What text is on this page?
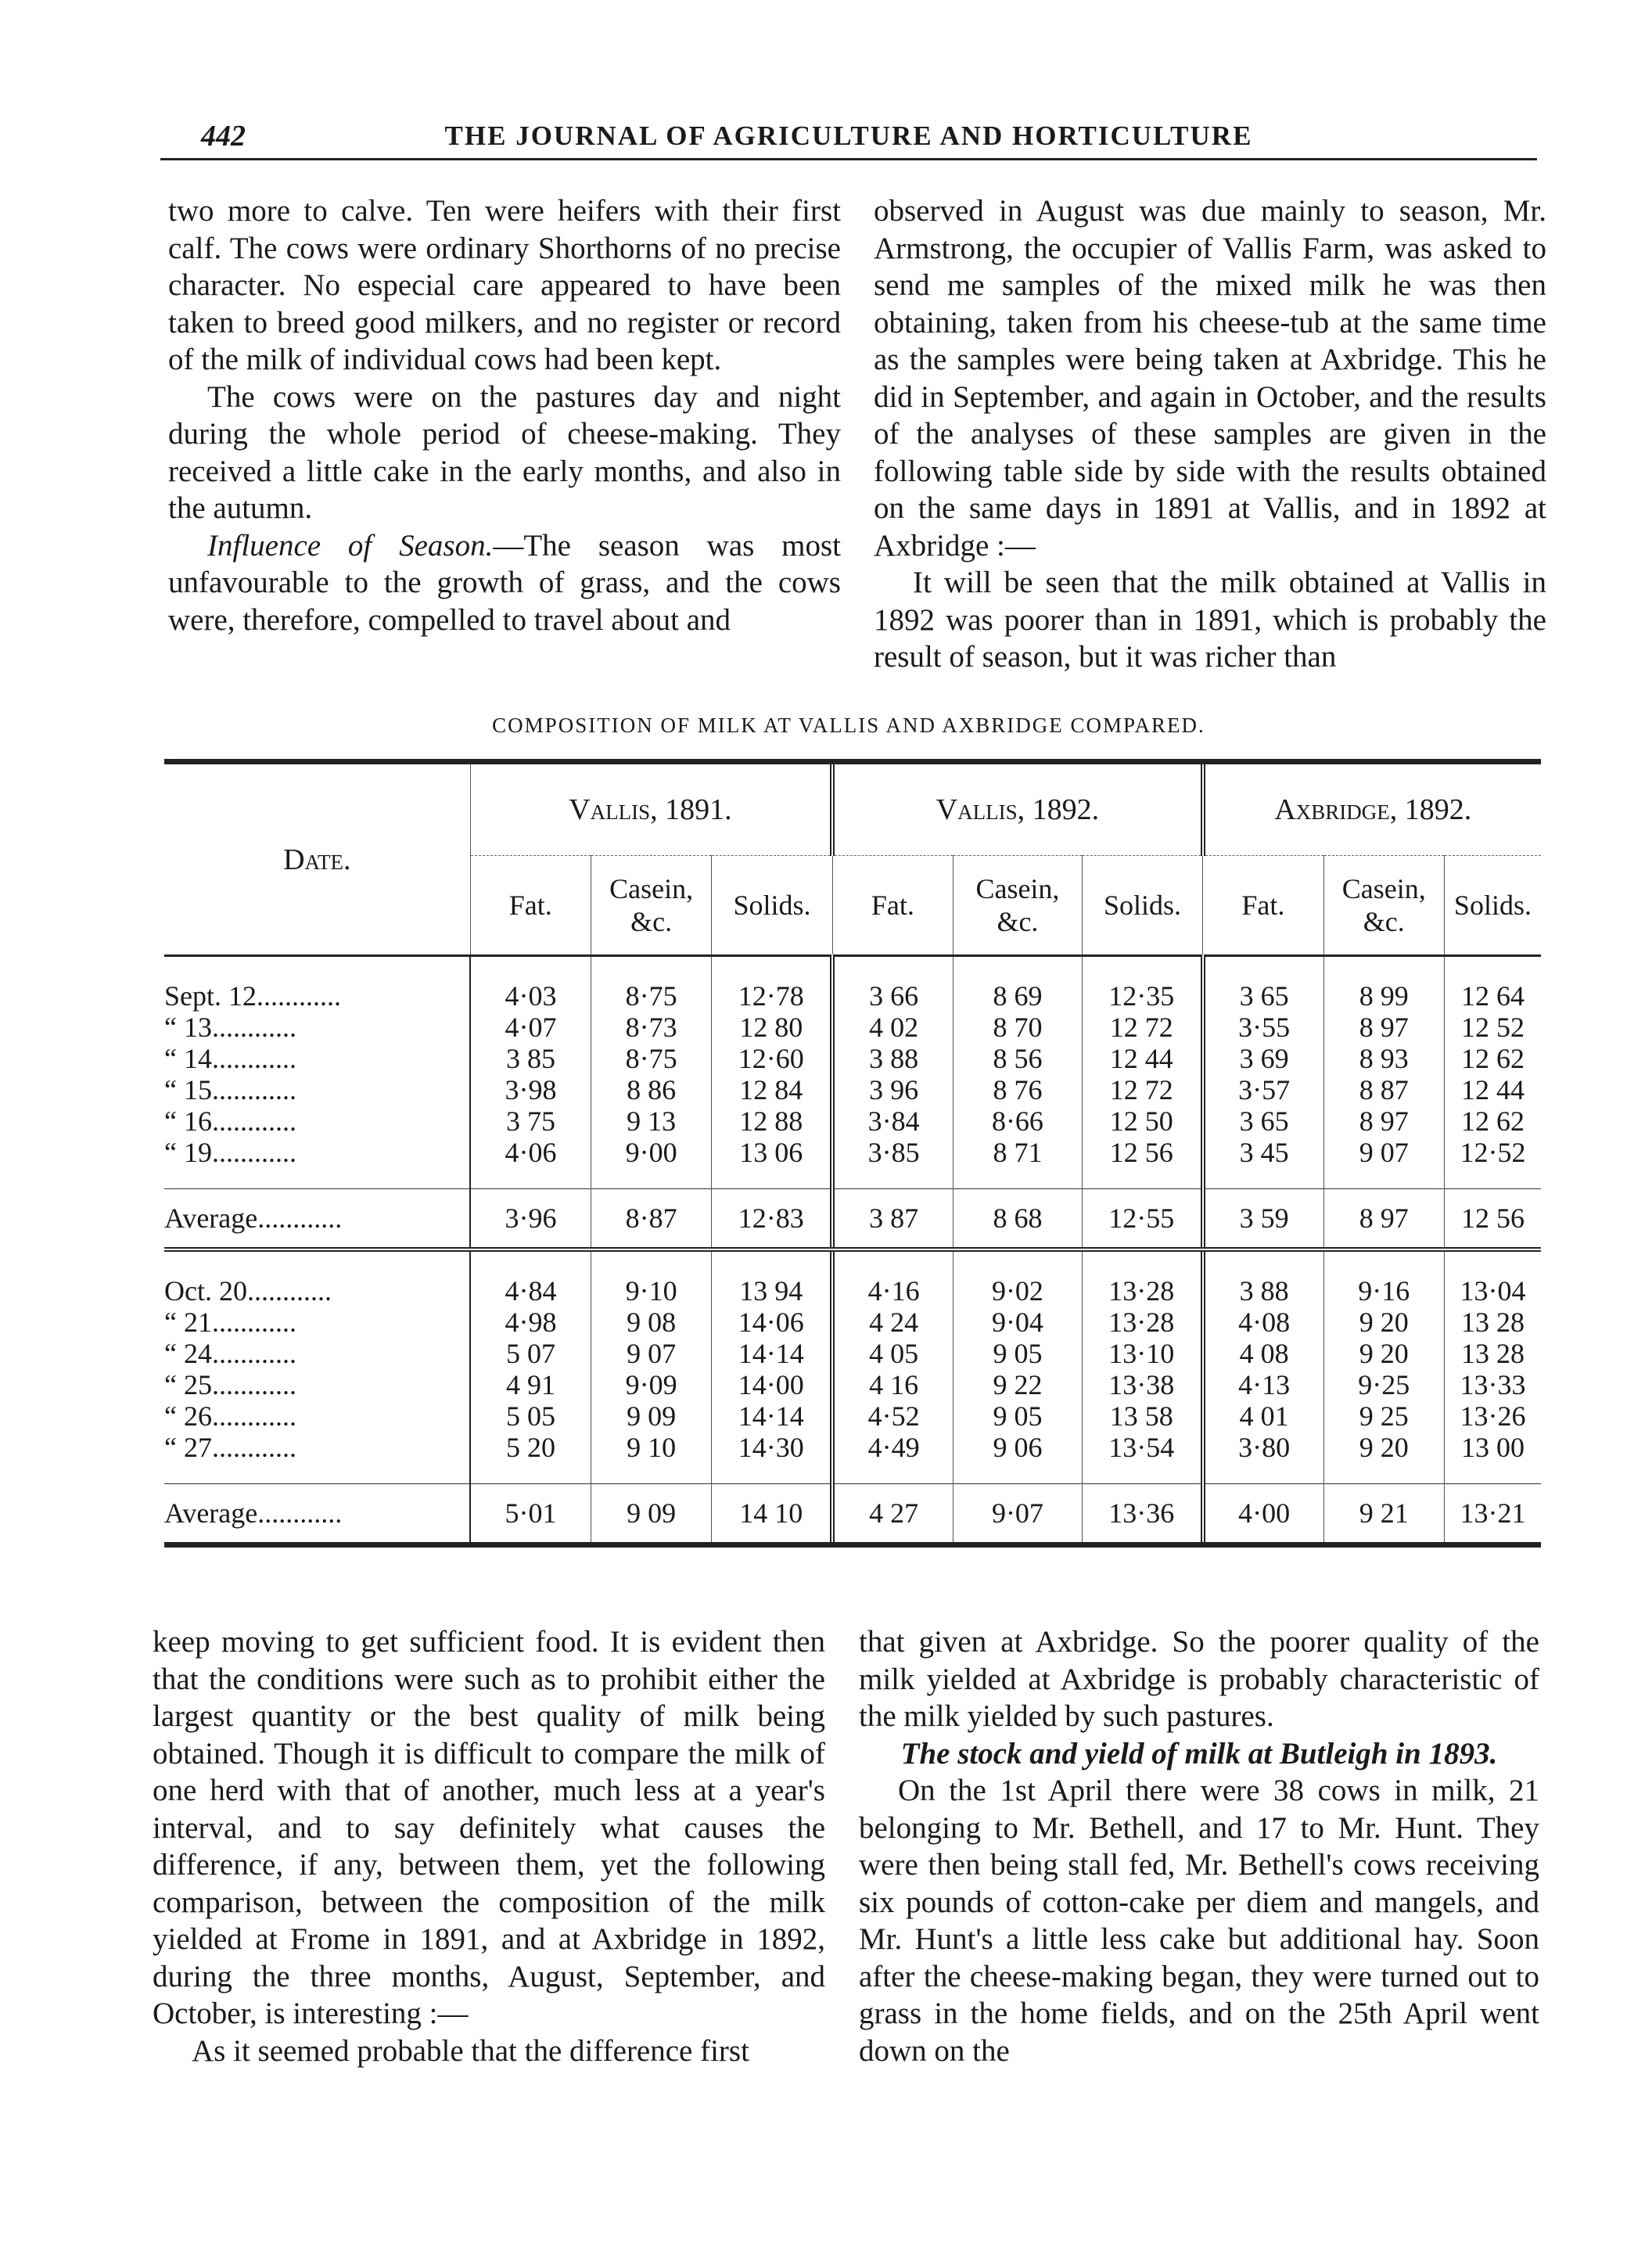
442	THE JOURNAL OF AGRICULTURE AND HORTICULTURE

two more to calve. Ten were heifers with their first calf. The cows were ordinary Shorthorns of no precise character. No especial care appeared to have been taken to breed good milkers, and no register or record of the milk of individual cows had been kept.

The cows were on the pastures day and night during the whole period of cheese-making. They received a little cake in the early months, and also in the autumn.

Influence of Season.—The season was most unfavourable to the growth of grass, and the cows were, therefore, compelled to travel about and

observed in August was due mainly to season, Mr. Armstrong, the occupier of Vallis Farm, was asked to send me samples of the mixed milk he was then obtaining, taken from his cheese-tub at the same time as the samples were being taken at Axbridge. This he did in September, and again in October, and the results of the analyses of these samples are given in the following table side by side with the results obtained on the same days in 1891 at Vallis, and in 1892 at Axbridge :—

It will be seen that the milk obtained at Vallis in 1892 was poorer than in 1891, which is probably the result of season, but it was richer than

COMPOSITION OF MILK AT VALLIS AND AXBRIDGE COMPARED.
Date.	Vallis, 1891.			Vallis, 1892.			Axbridge, 1892.		
	Fat.	Casein, &c.	Solids.	Fat.	Casein, &c.	Solids.	Fat.	Casein, &c.	Solids.
Sept. 12............	4·03	8·75	12·78	3 66	8 69	12·35	3 65	8 99	12 64
“ 13............	4·07	8·73	12 80	4 02	8 70	12 72	3·55	8 97	12 52
“ 14............	3 85	8·75	12·60	3 88	8 56	12 44	3 69	8 93	12 62
“ 15............	3·98	8 86	12 84	3 96	8 76	12 72	3·57	8 87	12 44
“ 16............	3 75	9 13	12 88	3·84	8·66	12 50	3 65	8 97	12 62
“ 19............	4·06	9·00	13 06	3·85	8 71	12 56	3 45	9 07	12·52
Average............	3·96	8·87	12·83	3 87	8 68	12·55	3 59	8 97	12 56
Oct. 20............	4·84	9·10	13 94	4·16	9·02	13·28	3 88	9·16	13·04
“ 21............	4·98	9 08	14·06	4 24	9·04	13·28	4·08	9 20	13 28
“ 24............	5 07	9 07	14·14	4 05	9 05	13·10	4 08	9 20	13 28
“ 25............	4 91	9·09	14·00	4 16	9 22	13·38	4·13	9·25	13·33
“ 26............	5 05	9 09	14·14	4·52	9 05	13 58	4 01	9 25	13·26
“ 27............	5 20	9 10	14·30	4·49	9 06	13·54	3·80	9 20	13 00
Average............	5·01	9 09	14 10	4 27	9·07	13·36	4·00	9 21	13·21

keep moving to get sufficient food. It is evident then that the conditions were such as to prohibit either the largest quantity or the best quality of milk being obtained. Though it is difficult to compare the milk of one herd with that of another, much less at a year's interval, and to say definitely what causes the difference, if any, between them, yet the following comparison, between the composition of the milk yielded at Frome in 1891, and at Axbridge in 1892, during the three months, August, September, and October, is interesting :—

As it seemed probable that the difference first

that given at Axbridge. So the poorer quality of the milk yielded at Axbridge is probably characteristic of the milk yielded by such pastures.

The stock and yield of milk at Butleigh in 1893.

On the 1st April there were 38 cows in milk, 21 belonging to Mr. Bethell, and 17 to Mr. Hunt. They were then being stall fed, Mr. Bethell's cows receiving six pounds of cotton-cake per diem and mangels, and Mr. Hunt's a little less cake but additional hay. Soon after the cheese-making began, they were turned out to grass in the home fields, and on the 25th April went down on the
